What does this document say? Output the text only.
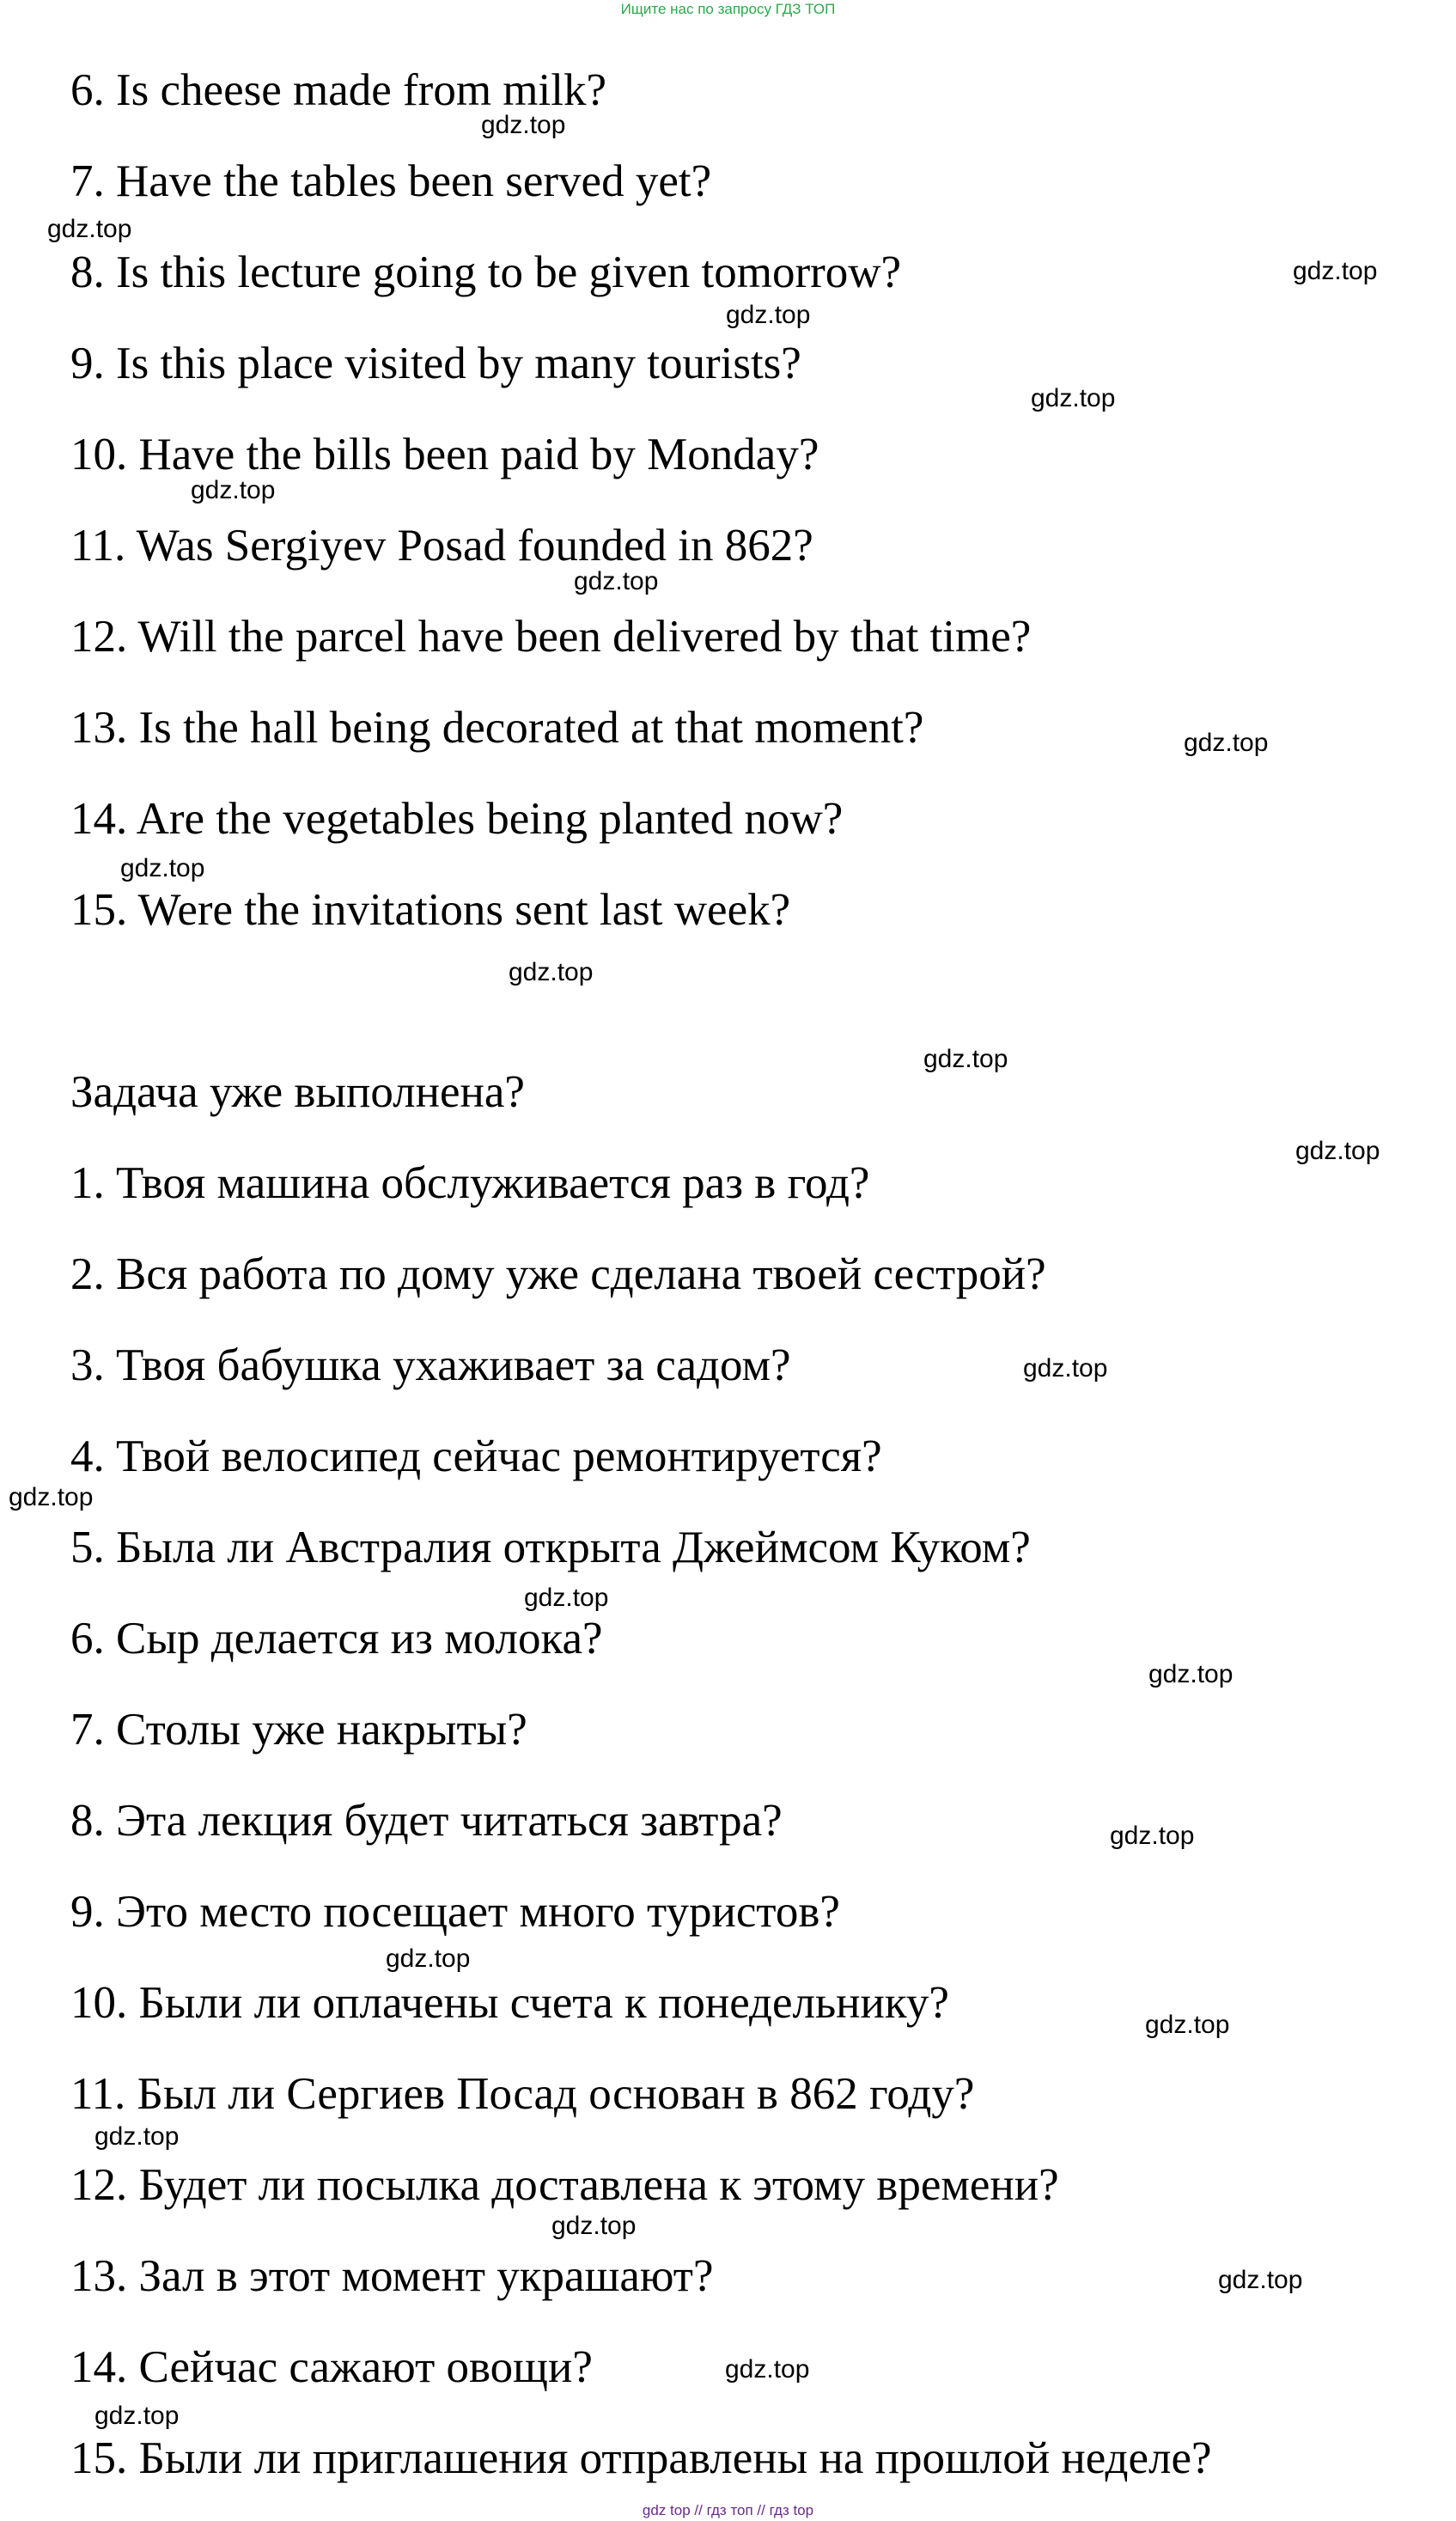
Ищите нас по запросу ГДЗ ТОП
6. Is cheese made from milk?
7. Have the tables been served yet?
8. Is this lecture going to be given tomorrow?
9. Is this place visited by many tourists?
10. Have the bills been paid by Monday?
11. Was Sergiyev Posad founded in 862?
12. Will the parcel have been delivered by that time?
13. Is the hall being decorated at that moment?
14. Are the vegetables being planted now?
15. Were the invitations sent last week?
Задача уже выполнена?
1. Твоя машина обслуживается раз в год?
2. Вся работа по дому уже сделана твоей сестрой?
3. Твоя бабушка ухаживает за садом?
4. Твой велосипед сейчас ремонтируется?
5. Была ли Австралия открыта Джеймсом Куком?
6. Сыр делается из молока?
7. Столы уже накрыты?
8. Эта лекция будет читаться завтра?
9. Это место посещает много туристов?
10. Были ли оплачены счета к понедельнику?
11. Был ли Сергиев Посад основан в 862 году?
12. Будет ли посылка доставлена к этому времени?
13. Зал в этот момент украшают?
14. Сейчас сажают овощи?
15. Были ли приглашения отправлены на прошлой неделе?
gdz.top
gdz.top
gdz.top
gdz.top
gdz.top
gdz.top
gdz.top
gdz.top
gdz.top
gdz.top
gdz.top
gdz.top
gdz.top
gdz.top
gdz.top
gdz.top
gdz.top
gdz.top
gdz.top
gdz.top
gdz.top
gdz.top
gdz.top
gdz.top
gdz top // гдз топ // гдз top
